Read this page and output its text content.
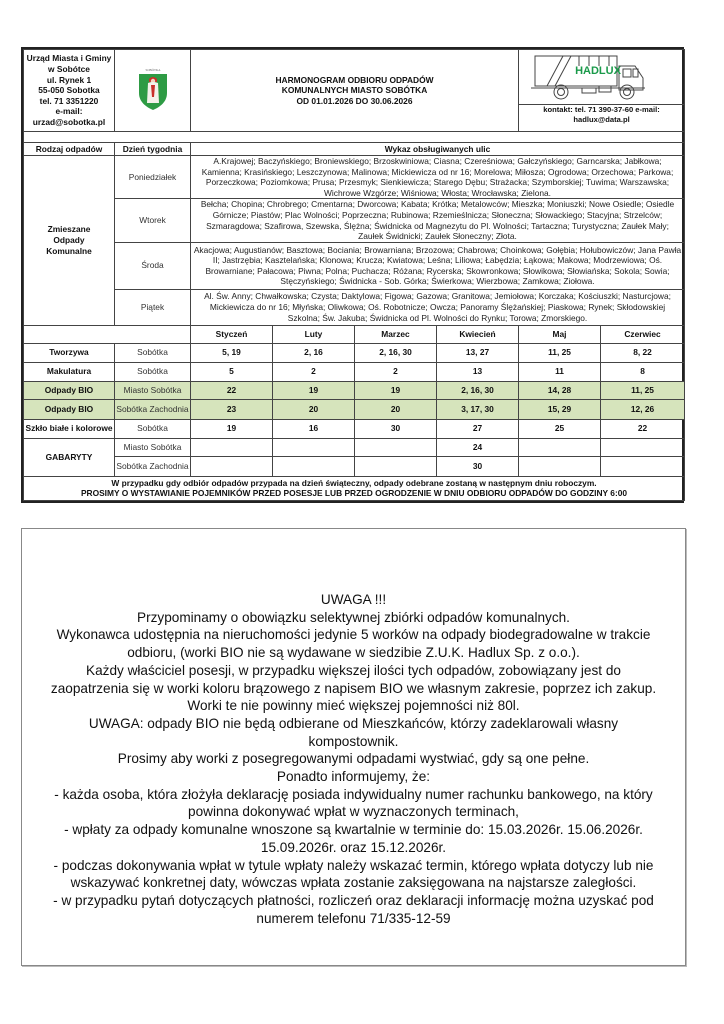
Urząd Miasta i Gminy
w Sobótce
ul. Rynek 1
55-050 Sobotka
tel. 71 3351220
e-mail:
urzad@sobotka.pl

SOBÓTKA

HARMONOGRAM ODBIORU ODPADÓW
KOMUNALNYCH MIASTO SOBÓTKA
OD 01.01.2026 DO 30.06.2026

HADLUX
kontakt: tel. 71 390-37-60 e-mail:
hadlux@data.pl

Rodzaj odpadów	Dzień tygodnia	Wykaz obsługiwanych ulic					

Zmieszane
Odpady
Komunalne
	Poniedziałek	A.Krajowej; Baczyńskiego; Broniewskiego; Brzoskwiniowa; Ciasna; Czereśniowa; Gałczyńskiego; Garncarska; Jabłkowa; Kamienna; Krasińskiego; Leszczynowa; Malinowa; Mickiewicza od nr 16; Morelowa; Miłosza; Ogrodowa; Orzechowa; Parkowa; Porzeczkowa; Poziomkowa; Prusa; Przesmyk; Sienkiewicza; Starego Dębu; Strażacka; Szymborskiej; Tuwima; Warszawska; Wichrowe Wzgórze; Wiśniowa; Włosta; Wrocławska; Zielona.
	Wtorek	Bełcha; Chopina; Chrobrego; Cmentarna; Dworcowa; Kabata; Krótka; Metalowców; Mieszka; Moniuszki; Nowe Osiedle; Osiedle Górnicze; Piastów; Plac Wolności; Poprzeczna; Rubinowa; Rzemieślnicza; Słoneczna; Słowackiego; Stacyjna; Strzelców; Szmaragdowa; Szafirowa, Szewska, Ślężna; Świdnicka od Magnezytu do Pl. Wolności; Tartaczna; Turystyczna; Zaułek Mały; Zaułek Świdnicki; Zaułek Słoneczny; Złota.					
	Środa	Akacjowa; Augustianów; Basztowa; Bociania; Browarniana; Brzozowa; Chabrowa; Choinkowa; Gołębia; Hołubowiczów; Jana Pawła II; Jastrzębia; Kasztelańska; Klonowa; Krucza; Kwiatowa; Leśna; Liliowa; Łabędzia; Łąkowa; Makowa; Modrzewiowa; Oś. Browarniane; Pałacowa; Piwna; Polna; Puchacza; Różana; Rycerska; Skowronkowa; Słowikowa; Słowiańska; Sokola; Sowia; Stęczyńskiego; Świdnicka - Sob. Górka; Świerkowa; Wierzbowa; Zamkowa; Ziołowa.					
	Piątek	Al. Św. Anny; Chwałkowska; Czysta; Daktylowa; Figowa; Gazowa; Granitowa; Jemiołowa; Korczaka; Kościuszki; Nasturcjowa; Mickiewicza do nr 16; Młyńska; Oliwkowa; Oś. Robotnicze; Owcza; Panoramy Ślężańskiej; Piaskowa; Rynek; Skłodowskiej Szkolna; Św. Jakuba; Świdnicka od Pl. Wolności do Rynku; Torowa; Zmorskiego.					
		Styczeń	Luty	Marzec	Kwiecień	Maj	Czerwiec
Tworzywa	Sobótka	5, 19	2, 16	2, 16, 30	13, 27	11, 25	8, 22
Makulatura	Sobótka	5	2	2	13	11	8
Odpady BIO	Miasto Sobótka	22	19	19	2, 16, 30	14, 28	11, 25
Odpady BIO	Sobótka Zachodnia	23	20	20	3, 17, 30	15, 29	12, 26
Szkło białe i kolorowe	Sobótka	19	16	30	27	25	22
GABARYTY	Miasto Sobótka				24		
	Sobótka Zachodnia				30		

W przypadku gdy odbiór odpadów przypada na dzień świąteczny, odpady odebrane zostaną w następnym dniu roboczym.
PROSIMY O WYSTAWIANIE POJEMNIKÓW PRZED POSESJE LUB PRZED OGRODZENIE W DNIU ODBIORU ODPADÓW DO GODZINY 6:00							

UWAGA !!!

Przypominamy o obowiązku selektywnej zbiórki odpadów komunalnych.

Wykonawca udostępnia na nieruchomości jedynie 5 worków na odpady biodegradowalne w trakcie

odbioru, (worki BIO nie są wydawane w siedzibie Z.U.K. Hadlux Sp. z o.o.).

Każdy właściciel posesji, w przypadku większej ilości tych odpadów, zobowiązany jest do

zaopatrzenia się w worki koloru brązowego z napisem BIO we własnym zakresie, poprzez ich zakup.

Worki te nie powinny mieć większej pojemności niż 80l.

UWAGA: odpady BIO nie będą odbierane od Mieszkańców, którzy zadeklarowali własny

kompostownik.

Prosimy aby worki z posegregowanymi odpadami wystwiać, gdy są one pełne.

Ponadto informujemy, że:

- każda osoba, która złożyła deklarację posiada indywidualny numer rachunku bankowego, na który

powinna dokonywać wpłat w wyznaczonych terminach,

- wpłaty za odpady komunalne wnoszone są kwartalnie w terminie do: 15.03.2026r. 15.06.2026r.

15.09.2026r. oraz 15.12.2026r.

- podczas dokonywania wpłat w tytule wpłaty należy wskazać termin, którego wpłata dotyczy lub nie

wskazywać konkretnej daty, wówczas wpłata zostanie zaksięgowana na najstarsze zaległości.

- w przypadku pytań dotyczących płatności, rozliczeń oraz deklaracji informację można uzyskać pod

numerem telefonu 71/335-12-59
